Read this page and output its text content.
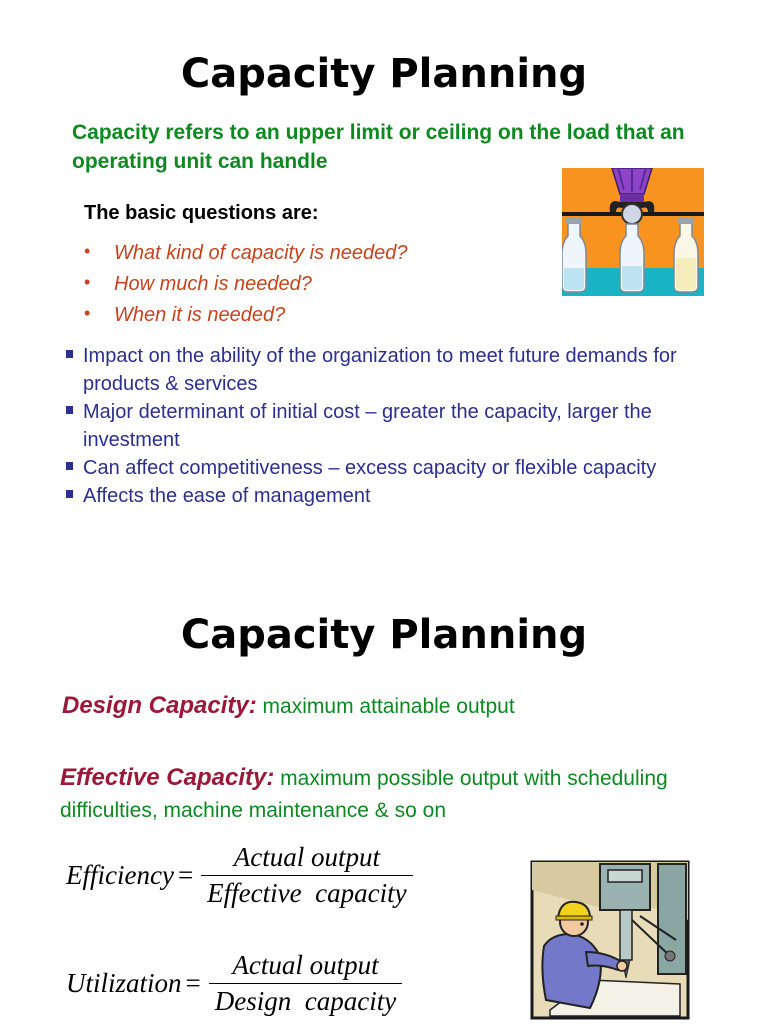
Capacity Planning
Capacity refers to an upper limit or ceiling on the load that an operating unit can handle
The basic questions are:
• What kind of capacity is needed?
• How much is needed?
• When it is needed?
Impact on the ability of the organization to meet future demands for products & services
Major determinant of initial cost – greater the capacity, larger the investment
Can affect competitiveness – excess capacity or flexible capacity
Affects the ease of management
Capacity Planning
Design Capacity: maximum attainable output
Effective Capacity: maximum possible output with scheduling difficulties, machine maintenance & so on
Efficiency = $\frac{\text{Actual output}}{\text{Effective  capacity}}$
Utilization = $\frac{\text{Actual output}}{\text{Design  capacity}}$
